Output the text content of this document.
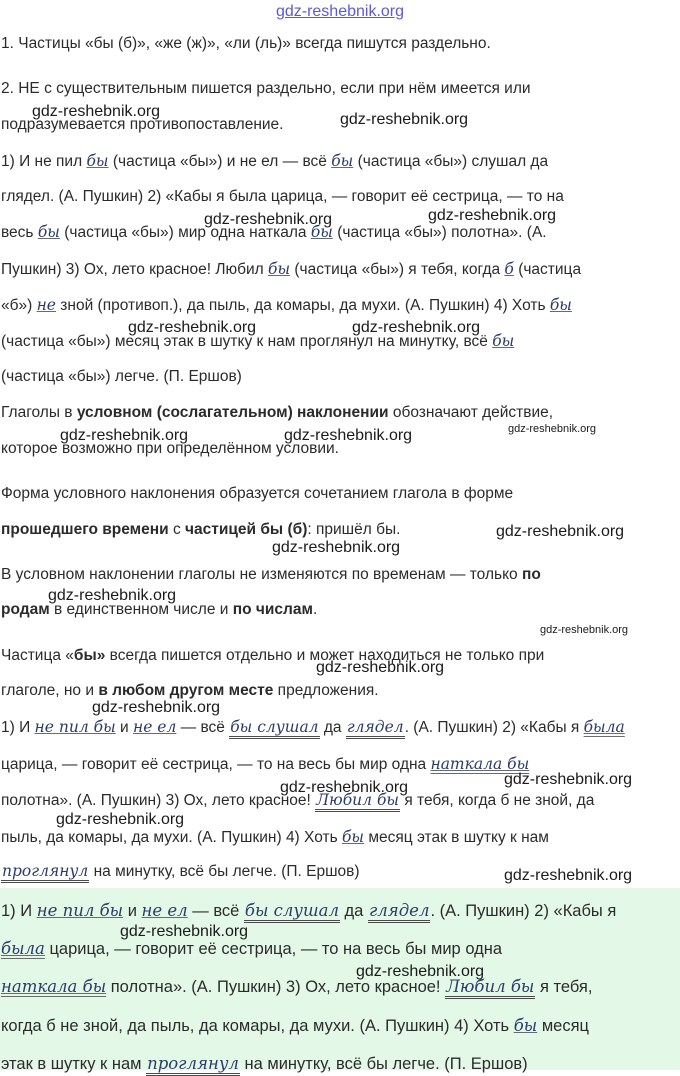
gdz-reshebnik.org
1. Частицы «бы (б)», «же (ж)», «ли (ль)» всегда пишутся раздельно.
2. НЕ с существительным пишется раздельно, если при нём имеется или
подразумевается противопоставление.
1) И не пил бы (частица «бы») и не ел — всё бы (частица «бы») слушал да
глядел. (А. Пушкин) 2) «Кабы я была царица, — говорит её сестрица, — то на
весь бы (частица «бы») мир одна наткала бы (частица «бы») полотна». (А.
Пушкин) 3) Ох, лето красное! Любил бы (частица «бы») я тебя, когда б (частица
«б») не зной (противоп.), да пыль, да комары, да мухи. (А. Пушкин) 4) Хоть бы
(частица «бы») месяц этак в шутку к нам проглянул на минутку, всё бы
(частица «бы») легче. (П. Ершов)
Глаголы в условном (сослагательном) наклонении обозначают действие,
которое возможно при определённом условии.
Форма условного наклонения образуется сочетанием глагола в форме
прошедшего времени с частицей бы (б): пришёл бы.
В условном наклонении глаголы не изменяются по временам — только по
родам в единственном числе и по числам.
Частица «бы» всегда пишется отдельно и может находиться не только при
глаголе, но и в любом другом месте предложения.
1) И не пил бы и не ел — всё бы слушал да глядел. (А. Пушкин) 2) «Кабы я была
царица, — говорит её сестрица, — то на весь бы мир одна наткала бы
полотна». (А. Пушкин) 3) Ох, лето красное! Любил бы я тебя, когда б не зной, да
пыль, да комары, да мухи. (А. Пушкин) 4) Хоть бы месяц этак в шутку к нам
проглянул на минутку, всё бы легче. (П. Ершов)
1) И не пил бы и не ел — всё бы слушал да глядел. (А. Пушкин) 2) «Кабы я
была царица, — говорит её сестрица, — то на весь бы мир одна
наткала бы полотна». (А. Пушкин) 3) Ох, лето красное! Любил бы я тебя,
когда б не зной, да пыль, да комары, да мухи. (А. Пушкин) 4) Хоть бы месяц
этак в шутку к нам проглянул на минутку, всё бы легче. (П. Ершов)
gdz-reshebnik.org	gdz-reshebnik.org
gdz-reshebnik.org	gdz-reshebnik.org
gdz-reshebnik.org	gdz-reshebnik.org
gdz-reshebnik.org	gdz-reshebnik.org	gdz-reshebnik.org
gdz-reshebnik.org
gdz-reshebnik.org
gdz-reshebnik.org
gdz-reshebnik.org
gdz-reshebnik.org
gdz-reshebnik.org
gdz-reshebnik.org
gdz-reshebnik.org
gdz-reshebnik.org
gdz-reshebnik.org
gdz-reshebnik.org
gdz-reshebnik.org
